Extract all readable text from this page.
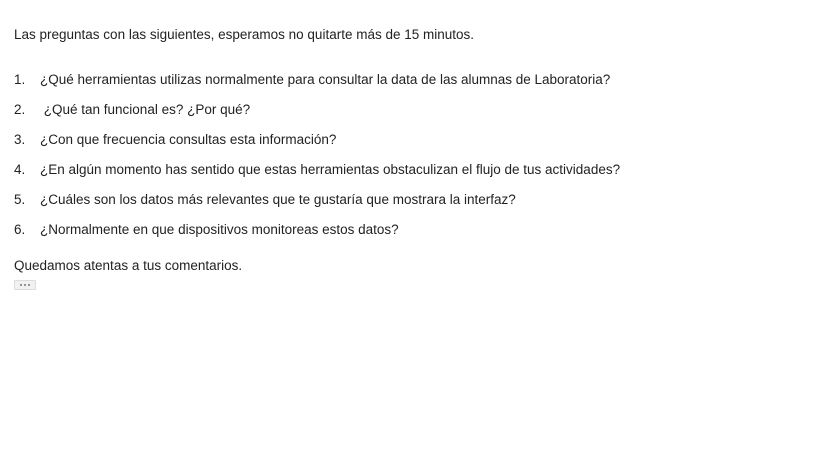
Las preguntas con las siguientes, esperamos no quitarte más de 15 minutos.

1.	¿Qué herramientas utilizas normalmente para consultar la data de las alumnas de Laboratoria?
2.	¿Qué tan funcional es? ¿Por qué?
3.	¿Con que frecuencia consultas esta información?
4.	¿En algún momento has sentido que estas herramientas obstaculizan el flujo de tus actividades?
5.	¿Cuáles son los datos más relevantes que te gustaría que mostrara la interfaz?
6.	¿Normalmente en que dispositivos monitoreas estos datos?

Quedamos atentas a tus comentarios.
